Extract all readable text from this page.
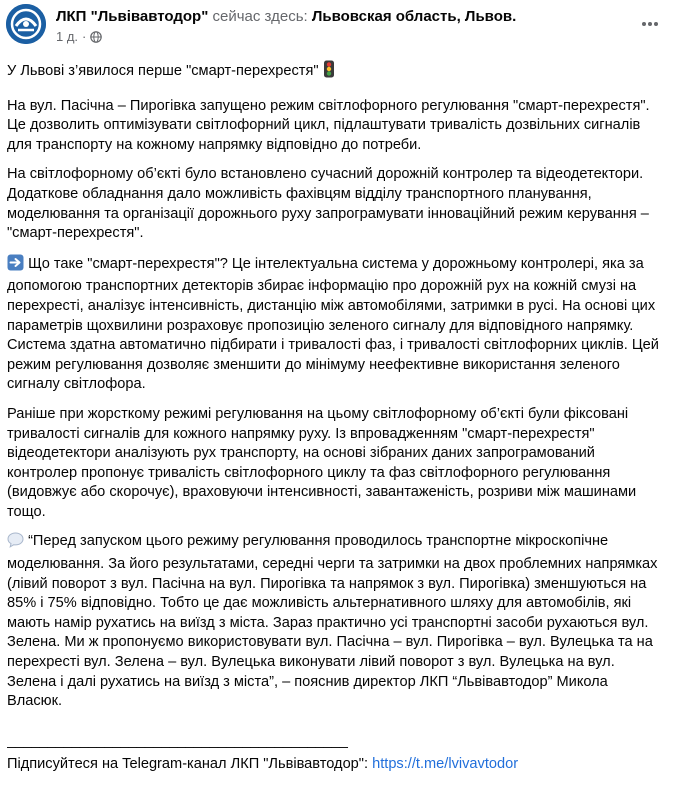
ЛКП "Львівавтодор" сейчас здесь: Львовская область, Львов.
1 д. ·

У Львові з’явилося перше "смарт-перехрестя"

На вул. Пасічна – Пирогівка запущено режим світлофорного регулювання "смарт-перехрестя". Це дозволить оптимізувати світлофорний цикл, підлаштувати тривалість дозвільних сигналів для транспорту на кожному напрямку відповідно до потреби.

На світлофорному об’єкті було встановлено сучасний дорожній контролер та відеодетектори. Додаткове обладнання дало можливість фахівцям відділу транспортного планування, моделювання та організації дорожнього руху запрограмувати інноваційний режим керування – "смарт-перехрестя".

Що таке "смарт-перехрестя"? Це інтелектуальна система у дорожньому контролері, яка за допомогою транспортних детекторів збирає інформацію про дорожній рух на кожній смузі на перехресті, аналізує інтенсивність, дистанцію між автомобілями, затримки в русі. На основі цих параметрів щохвилини розраховує пропозицію зеленого сигналу для відповідного напрямку. Система здатна автоматично підбирати і тривалості фаз, і тривалості світлофорних циклів. Цей режим регулювання дозволяє зменшити до мінімуму неефективне використання зеленого сигналу світлофора.

Раніше при жорсткому режимі регулювання на цьому світлофорному об’єкті були фіксовані тривалості сигналів для кожного напрямку руху. Із впровадженням "смарт-перехрестя" відеодетектори аналізують рух транспорту, на основі зібраних даних запрограмований контролер пропонує тривалість світлофорного циклу та фаз світлофорного регулювання (видовжує або скорочує), враховуючи інтенсивності, завантаженість, розриви між машинами тощо.

“Перед запуском цього режиму регулювання проводилось транспортне мікроскопічне моделювання. За його результатами, середні черги та затримки на двох проблемних напрямках (лівий поворот з вул. Пасічна на вул. Пирогівка та напрямок з вул. Пирогівка) зменшуються на 85% і 75% відповідно. Тобто це дає можливість альтернативного шляху для автомобілів, які мають намір рухатись на виїзд з міста. Зараз практично усі транспортні засоби рухаються вул. Зелена. Ми ж пропонуємо використовувати вул. Пасічна – вул. Пирогівка – вул. Вулецька та на перехресті вул. Зелена – вул. Вулецька виконувати лівий поворот з вул. Вулецька на вул. Зелена і далі рухатись на виїзд з міста”, – пояснив директор ЛКП “Львівавтодор” Микола Власюк.

__________________________________________

Підписуйтеся на Telegram-канал ЛКП "Львівавтодор": https://t.me/lvivavtodor
